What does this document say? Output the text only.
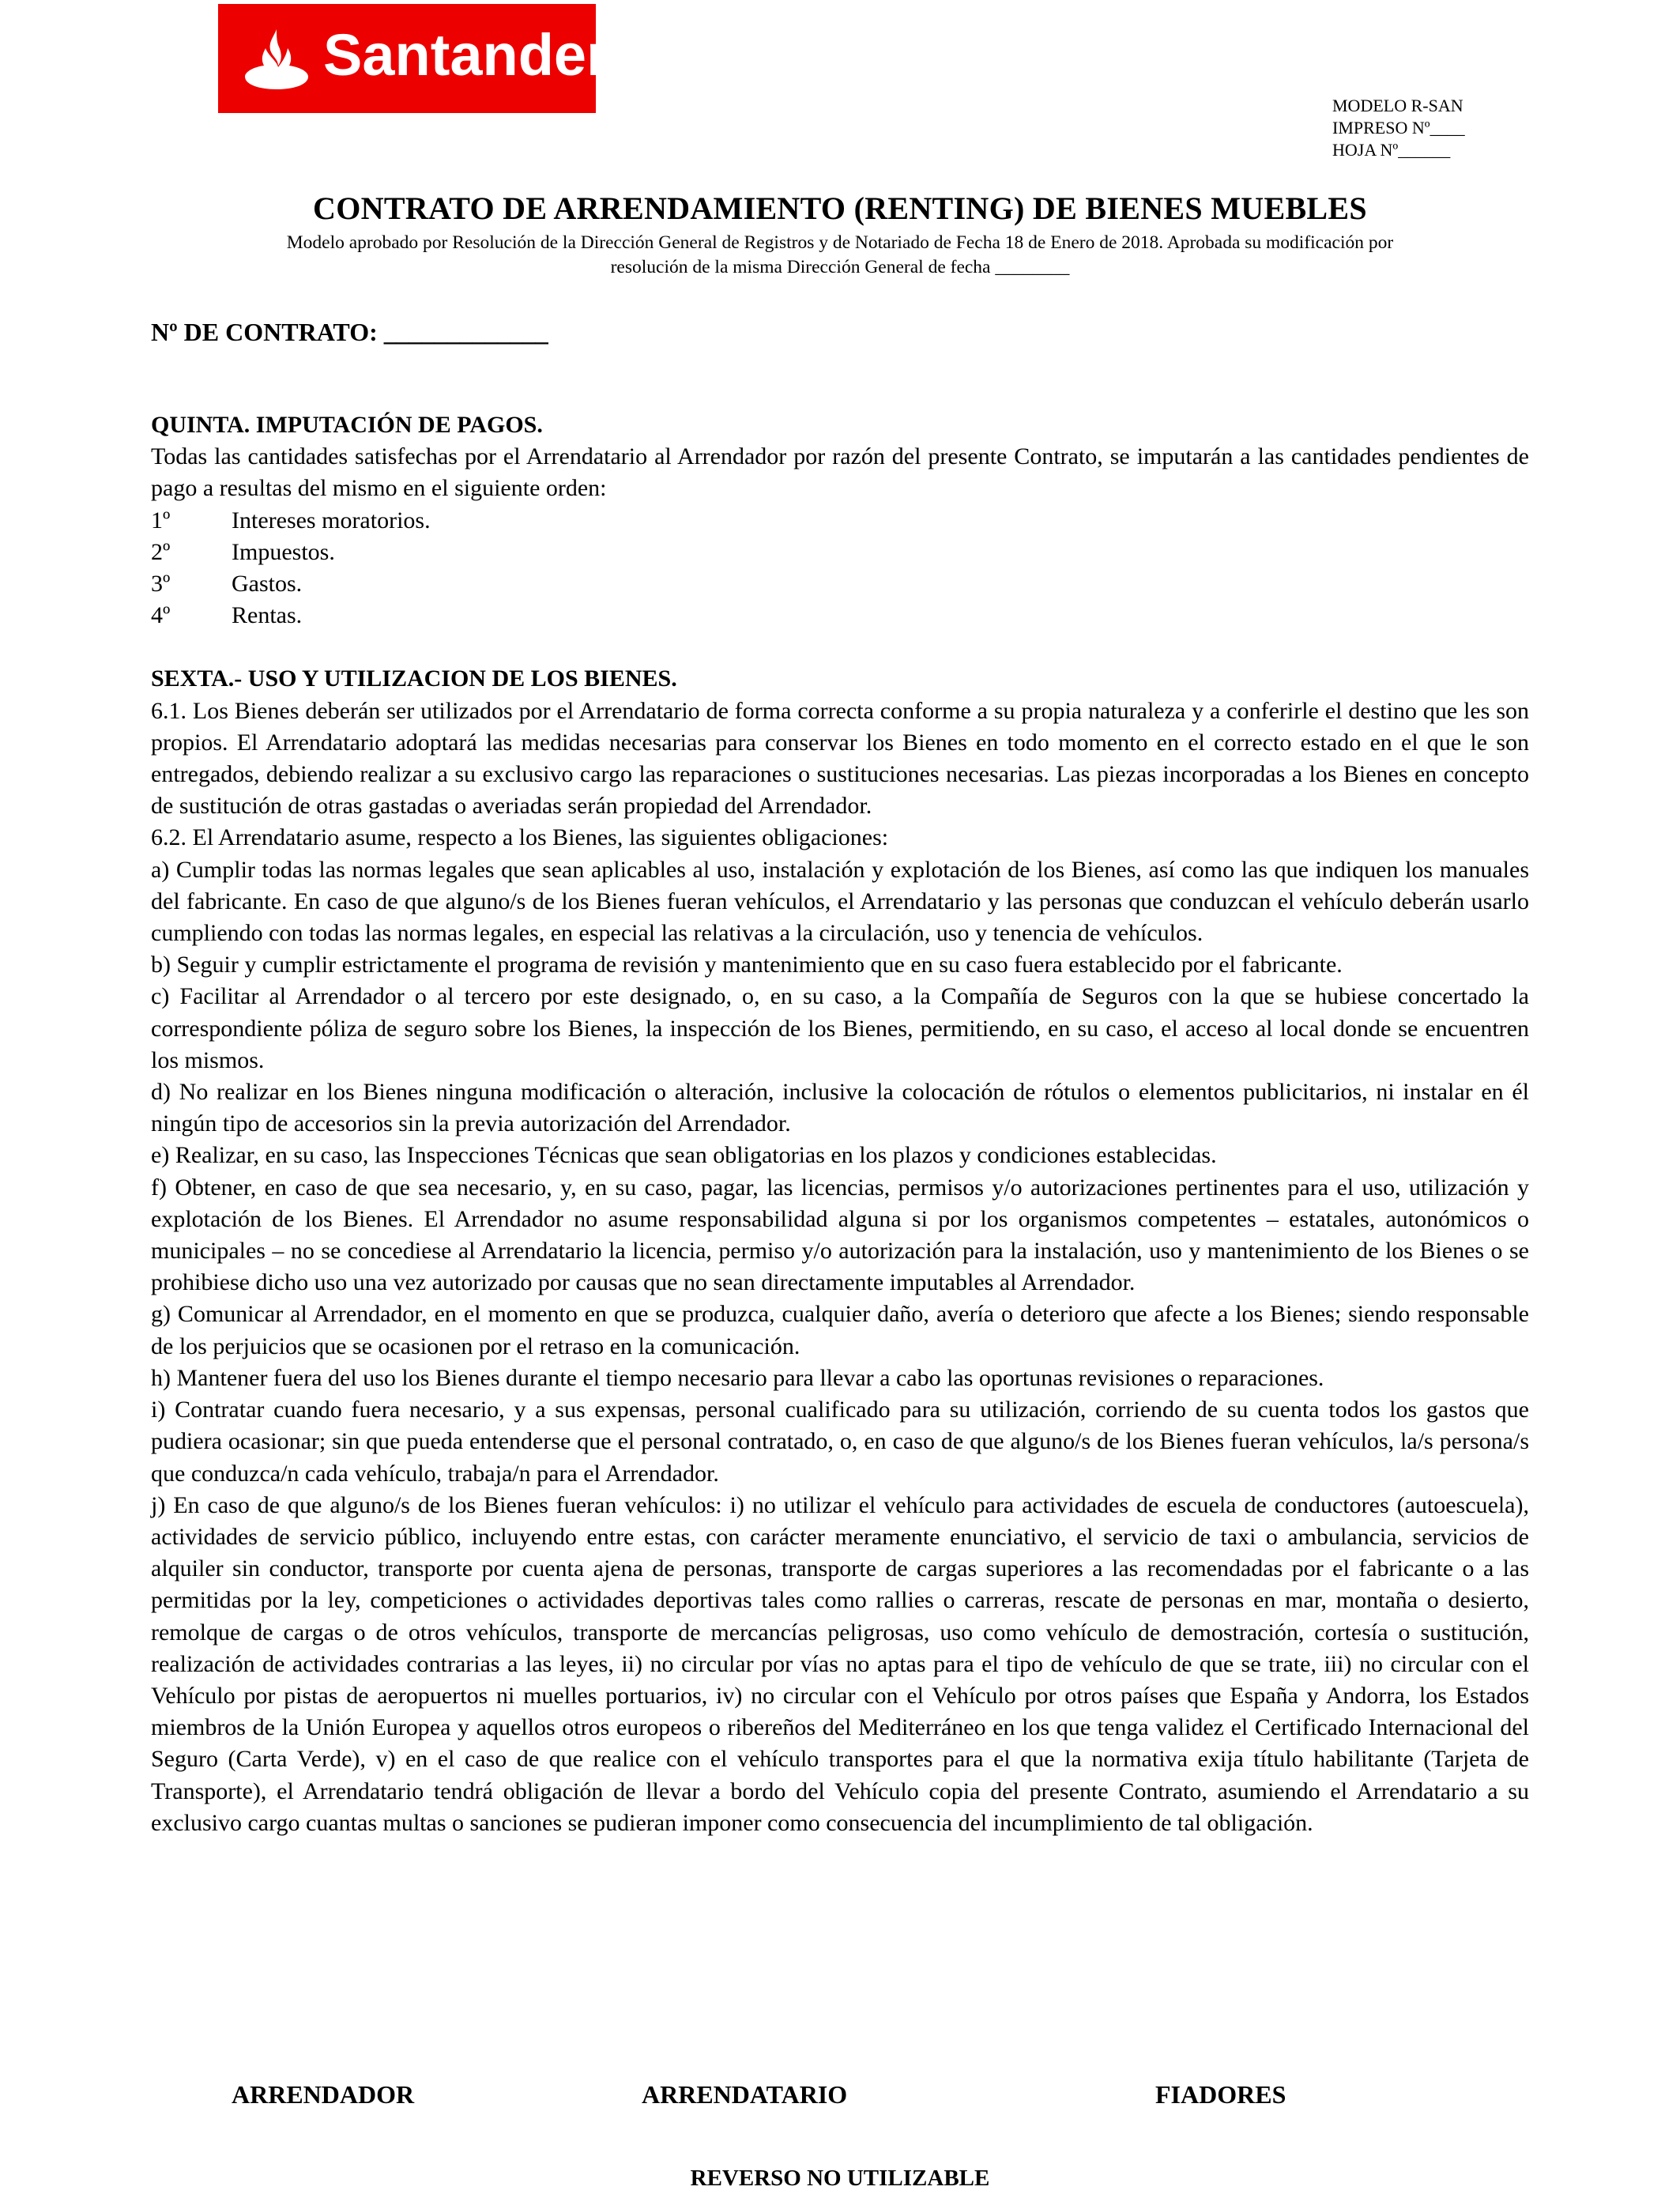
Santander
MODELO R-SAN
IMPRESO Nº____
HOJA Nº______
CONTRATO DE ARRENDAMIENTO (RENTING) DE BIENES MUEBLES
Modelo aprobado por Resolución de la Dirección General de Registros y de Notariado de Fecha 18 de Enero de 2018. Aprobada su modificación por
resolución de la misma Dirección General de fecha ________
Nº DE CONTRATO: _____________

QUINTA. IMPUTACIÓN DE PAGOS.

Todas las cantidades satisfechas por el Arrendatario al Arrendador por razón del presente Contrato, se imputarán a las cantidades pendientes de pago a resultas del mismo en el siguiente orden:

1º	Intereses moratorios.
2º	Impuestos.
3º	Gastos.
4º	Rentas.

SEXTA.- USO Y UTILIZACION DE LOS BIENES.

6.1. Los Bienes deberán ser utilizados por el Arrendatario de forma correcta conforme a su propia naturaleza y a conferirle el destino que les son propios. El Arrendatario adoptará las medidas necesarias para conservar los Bienes en todo momento en el correcto estado en el que le son entregados, debiendo realizar a su exclusivo cargo las reparaciones o sustituciones necesarias. Las piezas incorporadas a los Bienes en concepto de sustitución de otras gastadas o averiadas serán propiedad del Arrendador.

6.2. El Arrendatario asume, respecto a los Bienes, las siguientes obligaciones:

a) Cumplir todas las normas legales que sean aplicables al uso, instalación y explotación de los Bienes, así como las que indiquen los manuales del fabricante. En caso de que alguno/s de los Bienes fueran vehículos, el Arrendatario y las personas que conduzcan el vehículo deberán usarlo cumpliendo con todas las normas legales, en especial las relativas a la circulación, uso y tenencia de vehículos.

b) Seguir y cumplir estrictamente el programa de revisión y mantenimiento que en su caso fuera establecido por el fabricante.

c) Facilitar al Arrendador o al tercero por este designado, o, en su caso, a la Compañía de Seguros con la que se hubiese concertado la correspondiente póliza de seguro sobre los Bienes, la inspección de los Bienes, permitiendo, en su caso, el acceso al local donde se encuentren los mismos.

d) No realizar en los Bienes ninguna modificación o alteración, inclusive la colocación de rótulos o elementos publicitarios, ni instalar en él ningún tipo de accesorios sin la previa autorización del Arrendador.

e) Realizar, en su caso, las Inspecciones Técnicas que sean obligatorias en los plazos y condiciones establecidas.

f) Obtener, en caso de que sea necesario, y, en su caso, pagar, las licencias, permisos y/o autorizaciones pertinentes para el uso, utilización y explotación de los Bienes. El Arrendador no asume responsabilidad alguna si por los organismos competentes – estatales, autonómicos o municipales – no se concediese al Arrendatario la licencia, permiso y/o autorización para la instalación, uso y mantenimiento de los Bienes o se prohibiese dicho uso una vez autorizado por causas que no sean directamente imputables al Arrendador.

g) Comunicar al Arrendador, en el momento en que se produzca, cualquier daño, avería o deterioro que afecte a los Bienes; siendo responsable de los perjuicios que se ocasionen por el retraso en la comunicación.

h) Mantener fuera del uso los Bienes durante el tiempo necesario para llevar a cabo las oportunas revisiones o reparaciones.

i) Contratar cuando fuera necesario, y a sus expensas, personal cualificado para su utilización, corriendo de su cuenta todos los gastos que pudiera ocasionar; sin que pueda entenderse que el personal contratado, o, en caso de que alguno/s de los Bienes fueran vehículos, la/s persona/s que conduzca/n cada vehículo, trabaja/n para el Arrendador.

j) En caso de que alguno/s de los Bienes fueran vehículos: i) no utilizar el vehículo para actividades de escuela de conductores (autoescuela), actividades de servicio público, incluyendo entre estas, con carácter meramente enunciativo, el servicio de taxi o ambulancia, servicios de alquiler sin conductor, transporte por cuenta ajena de personas, transporte de cargas superiores a las recomendadas por el fabricante o a las permitidas por la ley, competiciones o actividades deportivas tales como rallies o carreras, rescate de personas en mar, montaña o desierto, remolque de cargas o de otros vehículos, transporte de mercancías peligrosas, uso como vehículo de demostración, cortesía o sustitución, realización de actividades contrarias a las leyes, ii) no circular por vías no aptas para el tipo de vehículo de que se trate, iii) no circular con el Vehículo por pistas de aeropuertos ni muelles portuarios, iv) no circular con el Vehículo por otros países que España y Andorra, los Estados miembros de la Unión Europea y aquellos otros europeos o ribereños del Mediterráneo en los que tenga validez el Certificado Internacional del Seguro (Carta Verde), v) en el caso de que realice con el vehículo transportes para el que la normativa exija título habilitante (Tarjeta de Transporte), el Arrendatario tendrá obligación de llevar a bordo del Vehículo copia del presente Contrato, asumiendo el Arrendatario a su exclusivo cargo cuantas multas o sanciones se pudieran imponer como consecuencia del incumplimiento de tal obligación.

ARRENDADOR	ARRENDATARIO	FIADORES
REVERSO NO UTILIZABLE
